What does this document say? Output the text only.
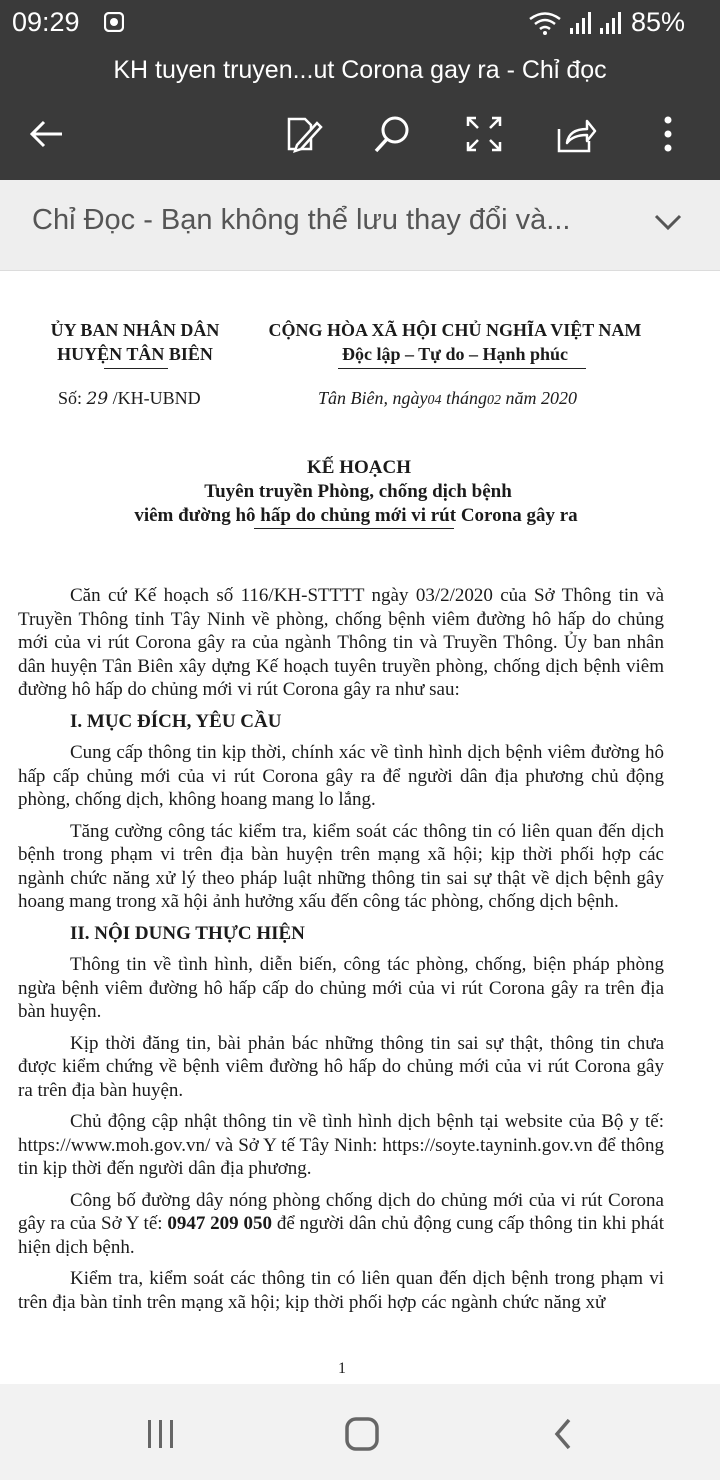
09:29	85%
KH tuyen truyen...ut Corona gay ra - Chỉ đọc
Chỉ Đọc - Bạn không thể lưu thay đổi và...
ỦY BAN NHÂN DÂN
HUYỆN TÂN BIÊN
CỘNG HÒA XÃ HỘI CHỦ NGHĨA VIỆT NAM
Độc lập – Tự do – Hạnh phúc
Số: 29 /KH-UBND	Tân Biên, ngày04 tháng02 năm 2020
KẾ HOẠCH
Tuyên truyền Phòng, chống dịch bệnh
viêm đường hô hấp do chủng mới vi rút Corona gây ra

Căn cứ Kế hoạch số 116/KH-STTTT ngày 03/2/2020 của Sở Thông tin và Truyền Thông tỉnh Tây Ninh về phòng, chống bệnh viêm đường hô hấp do chủng mới của vi rút Corona gây ra của ngành Thông tin và Truyền Thông. Ủy ban nhân dân huyện Tân Biên xây dựng Kế hoạch tuyên truyền phòng, chống dịch bệnh viêm đường hô hấp do chủng mới vi rút Corona gây ra như sau:

I. MỤC ĐÍCH, YÊU CẦU

Cung cấp thông tin kịp thời, chính xác về tình hình dịch bệnh viêm đường hô hấp cấp chủng mới của vi rút Corona gây ra để người dân địa phương chủ động phòng, chống dịch, không hoang mang lo lắng.

Tăng cường công tác kiểm tra, kiểm soát các thông tin có liên quan đến dịch bệnh trong phạm vi trên địa bàn huyện trên mạng xã hội; kịp thời phối hợp các ngành chức năng xử lý theo pháp luật những thông tin sai sự thật về dịch bệnh gây hoang mang trong xã hội ảnh hưởng xấu đến công tác phòng, chống dịch bệnh.

II. NỘI DUNG THỰC HIỆN

Thông tin về tình hình, diễn biến, công tác phòng, chống, biện pháp phòng ngừa bệnh viêm đường hô hấp cấp do chủng mới của vi rút Corona gây ra trên địa bàn huyện.

Kịp thời đăng tin, bài phản bác những thông tin sai sự thật, thông tin chưa được kiểm chứng về bệnh viêm đường hô hấp do chủng mới của vi rút Corona gây ra trên địa bàn huyện.

Chủ động cập nhật thông tin về tình hình dịch bệnh tại website của Bộ y tế: https://www.moh.gov.vn/ và Sở Y tế Tây Ninh: https://soyte.tayninh.gov.vn để thông tin kịp thời đến người dân địa phương.

Công bố đường dây nóng phòng chống dịch do chủng mới của vi rút Corona gây ra của Sở Y tế: 0947 209 050 để người dân chủ động cung cấp thông tin khi phát hiện dịch bệnh.

Kiểm tra, kiểm soát các thông tin có liên quan đến dịch bệnh trong phạm vi trên địa bàn tỉnh trên mạng xã hội; kịp thời phối hợp các ngành chức năng xử

1
